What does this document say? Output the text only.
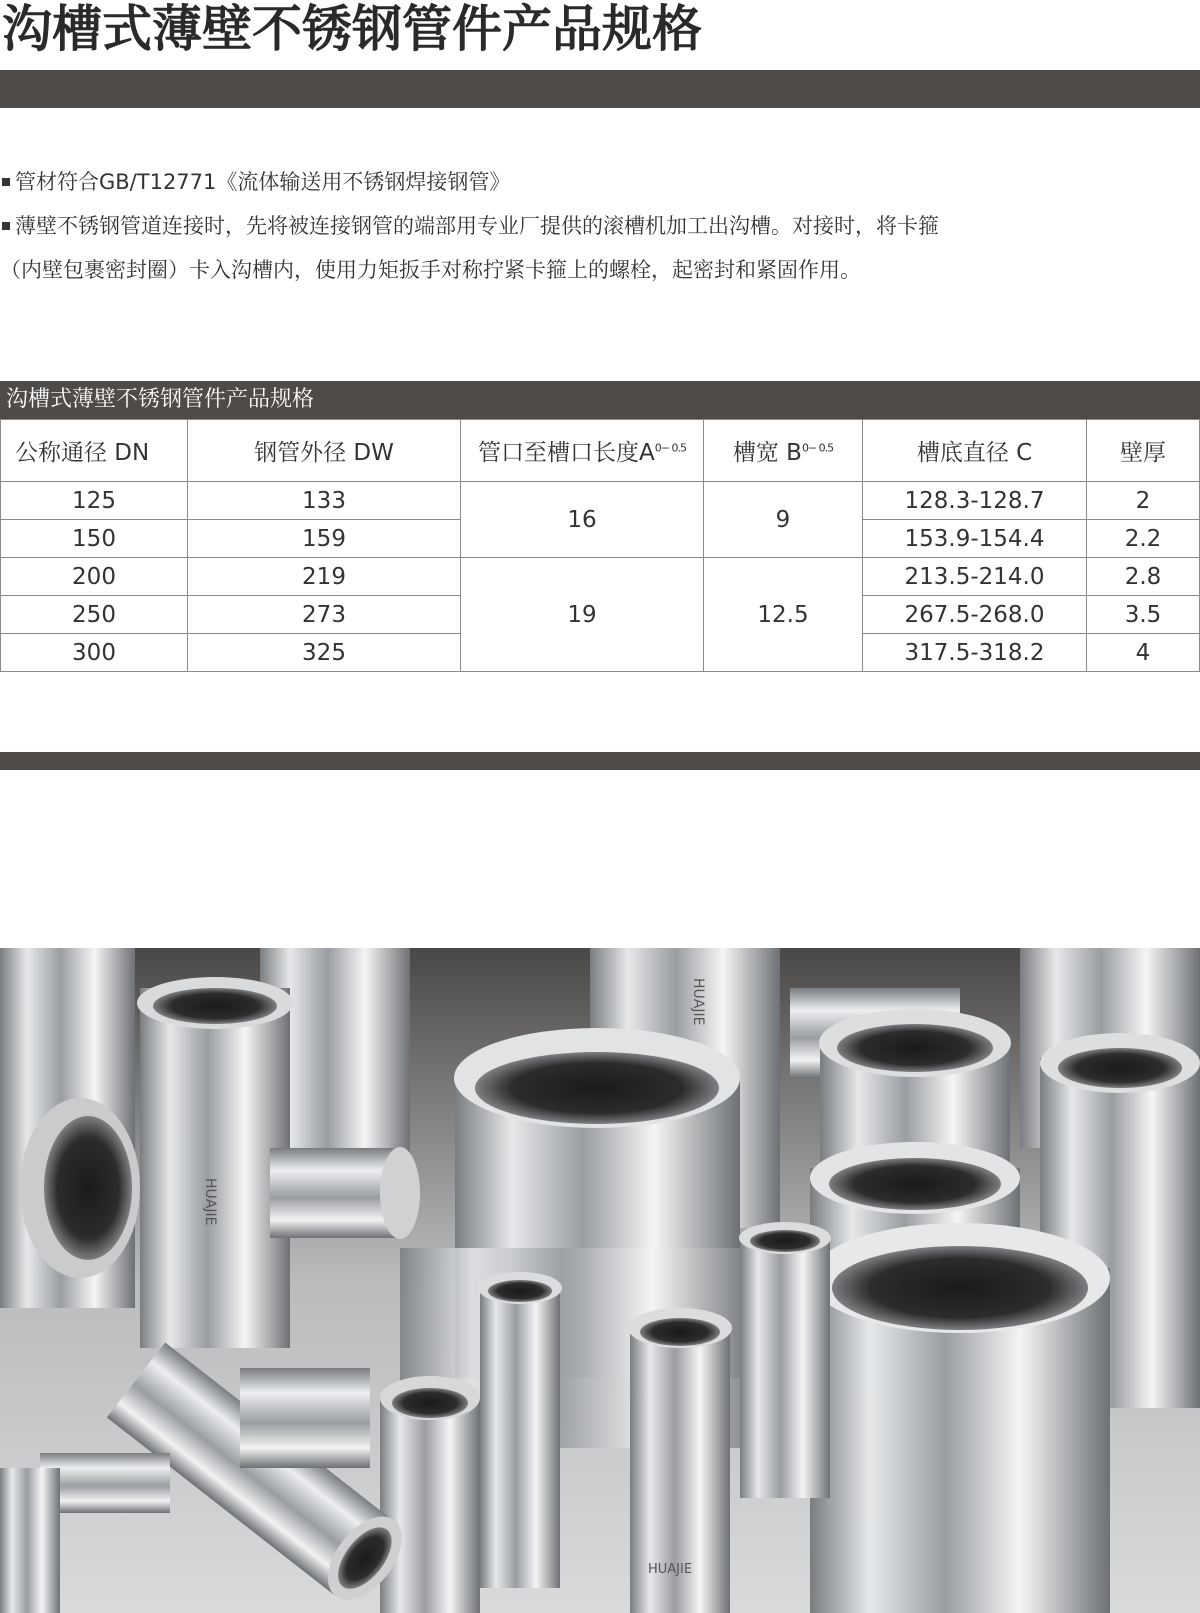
沟槽式薄壁不锈钢管件产品规格

管材符合GB/T12771《流体输送用不锈钢焊接钢管》

薄壁不锈钢管道连接时，先将被连接钢管的端部用专业厂提供的滚槽机加工出沟槽。对接时，将卡箍

（内壁包裹密封圈）卡入沟槽内，使用力矩扳手对称拧紧卡箍上的螺栓，起密封和紧固作用。

沟槽式薄壁不锈钢管件产品规格
公称通径 DN	钢管外径 DW	管口至槽口长度$A^{0- 0.5}$	槽宽 $B^{0- 0.5}$	槽底直径 C	壁厚
125	133	16	9	128.3-128.7	2
150	159			153.9-154.4	2.2
200	219	19	12.5	213.5-214.0	2.8
250	273			267.5-268.0	3.5
300	325			317.5-318.2	4
HUAJIE
HUAJIE
HUAJIE
